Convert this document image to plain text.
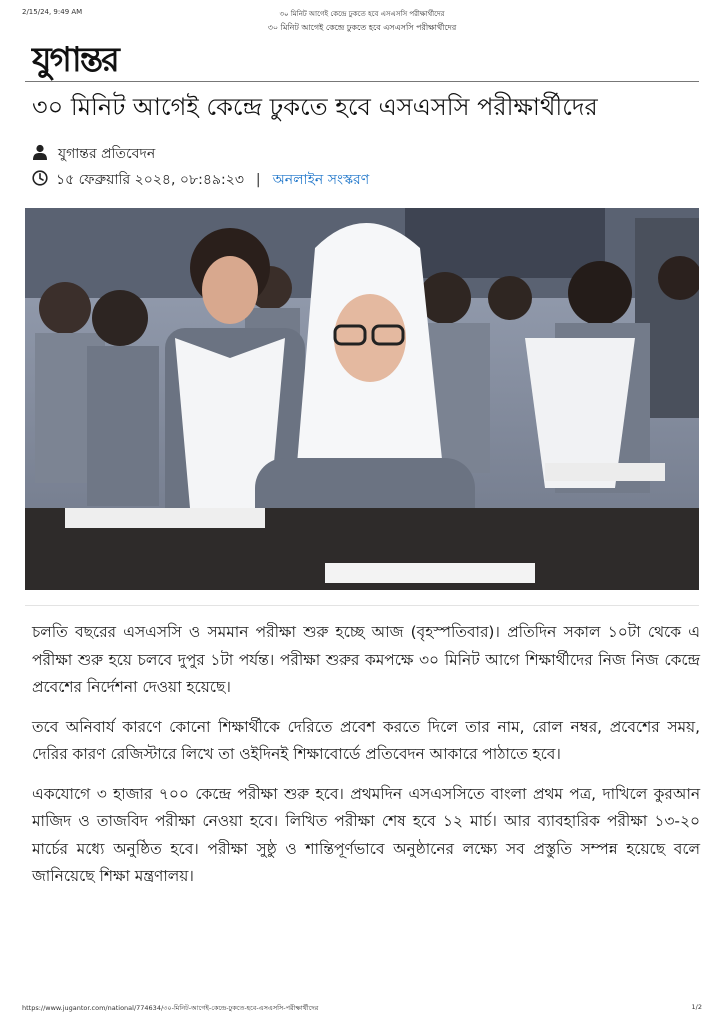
2/15/24, 9:49 AM	৩০ মিনিট আগেই কেন্দ্রে ঢুকতে হবে এসএসসি পরীক্ষার্থীদের
৩০ মিনিট আগেই কেন্দ্রে ঢুকতে হবে এসএসসি পরীক্ষার্থীদের
যুগান্তর
৩০ মিনিট আগেই কেন্দ্রে ঢুকতে হবে এসএসসি পরীক্ষার্থীদের
যুগান্তর প্রতিবেদন
১৫ ফেব্রুয়ারি ২০২৪, ০৮:৪৯:২৩ | অনলাইন সংস্করণ

চলতি বছরের এসএসসি ও সমমান পরীক্ষা শুরু হচ্ছে আজ (বৃহস্পতিবার)। প্রতিদিন সকাল ১০টা থেকে এ পরীক্ষা শুরু হয়ে চলবে দুপুর ১টা পর্যন্ত। পরীক্ষা শুরুর কমপক্ষে ৩০ মিনিট আগে শিক্ষার্থীদের নিজ নিজ কেন্দ্রে প্রবেশের নির্দেশনা দেওয়া হয়েছে।

তবে অনিবার্য কারণে কোনো শিক্ষার্থীকে দেরিতে প্রবেশ করতে দিলে তার নাম, রোল নম্বর, প্রবেশের সময়, দেরির কারণ রেজিস্টারে লিখে তা ওইদিনই শিক্ষাবোর্ডে প্রতিবেদন আকারে পাঠাতে হবে।

একযোগে ৩ হাজার ৭০০ কেন্দ্রে পরীক্ষা শুরু হবে। প্রথমদিন এসএসসিতে বাংলা প্রথম পত্র, দাখিলে কুরআন মাজিদ ও তাজবিদ পরীক্ষা নেওয়া হবে। লিখিত পরীক্ষা শেষ হবে ১২ মার্চ। আর ব্যাবহারিক পরীক্ষা ১৩-২০ মার্চের মধ্যে অনুষ্ঠিত হবে। পরীক্ষা সুষ্ঠু ও শান্তিপূর্ণভাবে অনুষ্ঠানের লক্ষ্যে সব প্রস্তুতি সম্পন্ন হয়েছে বলে জানিয়েছে শিক্ষা মন্ত্রণালয়।

https://www.jugantor.com/national/774634/৩০-মিনিট-আগেই-কেন্দ্রে-ঢুকতে-হবে-এসএসসি-পরীক্ষার্থীদের	1/2
